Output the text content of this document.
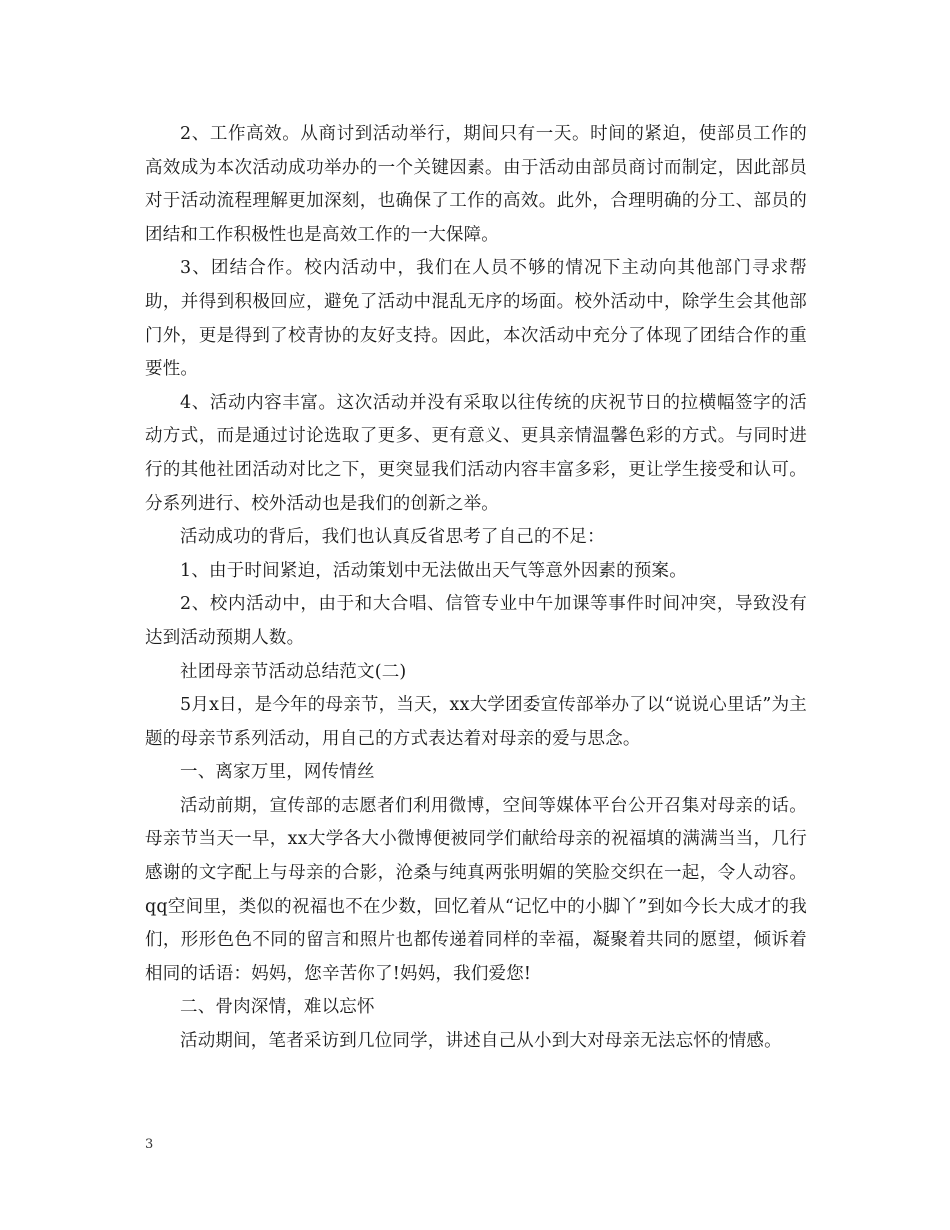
2、工作高效。从商讨到活动举行，期间只有一天。时间的紧迫，使部员工作的高效成为本次活动成功举办的一个关键因素。由于活动由部员商讨而制定，因此部员对于活动流程理解更加深刻，也确保了工作的高效。此外，合理明确的分工、部员的团结和工作积极性也是高效工作的一大保障。

3、团结合作。校内活动中，我们在人员不够的情况下主动向其他部门寻求帮助，并得到积极回应，避免了活动中混乱无序的场面。校外活动中，除学生会其他部门外，更是得到了校青协的友好支持。因此，本次活动中充分了体现了团结合作的重要性。

4、活动内容丰富。这次活动并没有采取以往传统的庆祝节日的拉横幅签字的活动方式，而是通过讨论选取了更多、更有意义、更具亲情温馨色彩的方式。与同时进行的其他社团活动对比之下，更突显我们活动内容丰富多彩，更让学生接受和认可。分系列进行、校外活动也是我们的创新之举。

活动成功的背后，我们也认真反省思考了自己的不足：

1、由于时间紧迫，活动策划中无法做出天气等意外因素的预案。

2、校内活动中，由于和大合唱、信管专业中午加课等事件时间冲突，导致没有达到活动预期人数。

社团母亲节活动总结范文(二)

5月x日，是今年的母亲节，当天，xx大学团委宣传部举办了以“说说心里话”为主题的母亲节系列活动，用自己的方式表达着对母亲的爱与思念。

一、离家万里，网传情丝

活动前期，宣传部的志愿者们利用微博，空间等媒体平台公开召集对母亲的话。母亲节当天一早，xx大学各大小微博便被同学们献给母亲的祝福填的满满当当，几行感谢的文字配上与母亲的合影，沧桑与纯真两张明媚的笑脸交织在一起，令人动容。qq空间里，类似的祝福也不在少数，回忆着从“记忆中的小脚丫”到如今长大成才的我们，形形色色不同的留言和照片也都传递着同样的幸福，凝聚着共同的愿望，倾诉着相同的话语：妈妈，您辛苦你了!妈妈，我们爱您!

二、骨肉深情，难以忘怀

活动期间，笔者采访到几位同学，讲述自己从小到大对母亲无法忘怀的情感。

3
